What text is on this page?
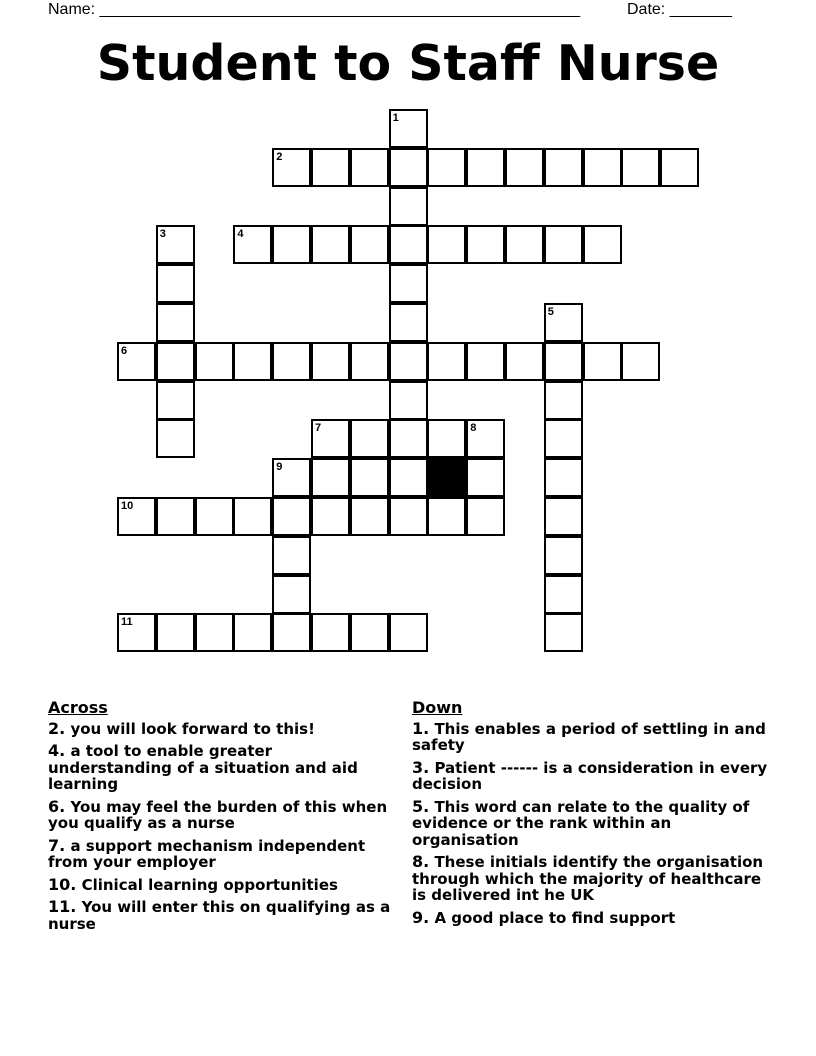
Name: ______________________________________________________	Date: _______
Student to Staff Nurse
1
2
3	4
5
6
7	8
9
10
11
Across
2. you will look forward to this!
4. a tool to enable greater understanding of a situation and aid learning
6. You may feel the burden of this when you qualify as a nurse
7. a support mechanism independent from your employer
10. Clinical learning opportunities
11. You will enter this on qualifying as a nurse
Down
1. This enables a period of settling in and safety
3. Patient ------ is a consideration in every decision
5. This word can relate to the quality of evidence or the rank within an organisation
8. These initials identify the organisation through which the majority of healthcare is delivered int he UK
9. A good place to find support
